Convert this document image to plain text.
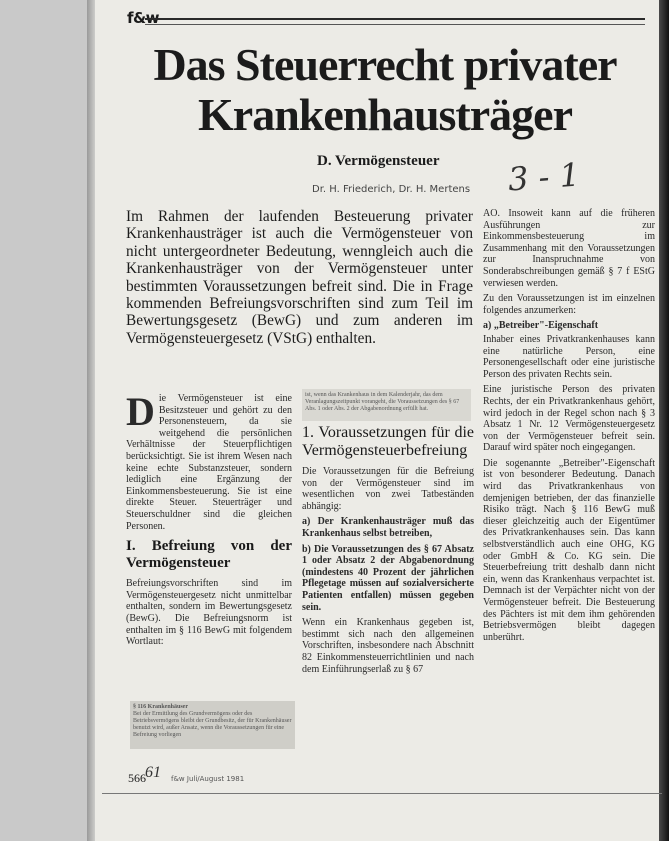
f&w
Das Steuerrecht privater
Krankenhausträger
D. Vermögensteuer 3 - 1
Dr. H. Friederich, Dr. H. Mertens
Im Rahmen der laufenden Besteuerung privater Krankenhausträger ist auch die Vermögensteuer von nicht untergeordneter Bedeutung, wenngleich auch die Krankenhausträger von der Vermögensteuer unter bestimmten Voraussetzungen befreit sind. Die in Frage kommenden Befreiungsvorschriften sind zum Teil im Bewertungsgesetz (BewG) und zum anderen im Vermögensteuergesetz (VStG) enthalten.
D ie Vermögensteuer ist eine Besitzsteuer und gehört zu den Personensteuern, da sie weitgehend die persönlichen Verhältnisse der Steuerpflichtigen berücksichtigt. Sie ist ihrem Wesen nach keine echte Substanzsteuer, sondern lediglich eine Ergänzung der Einkommensbesteuerung. Sie ist eine direkte Steuer. Steuerträger und Steuerschuldner sind die gleichen Personen.

I. Befreiung von der Vermögensteuer

Befreiungsvorschriften sind im Vermögensteuergesetz nicht unmittelbar enthalten, sondern im Bewertungsgesetz (BewG). Die Befreiungsnorm ist enthalten im § 116 BewG mit folgendem Wortlaut:

§ 116 Krankenhäuser
Bei der Ermittlung des Grundvermögens oder des Betriebsvermögens bleibt der Grundbesitz, der für Krankenhäuser benutzt wird, außer Ansatz, wenn die Voraussetzungen für eine Befreiung vorliegen
ist, wenn das Krankenhaus in dem Kalenderjahr, das dem Veranlagungszeitpunkt vorangeht, die Voraussetzungen des § 67 Abs. 1 oder Abs. 2 der Abgabenordnung erfüllt hat.
1. Voraussetzungen für die Vermögensteuerbefreiung

Die Voraussetzungen für die Befreiung von der Vermögensteuer sind im wesentlichen von zwei Tatbeständen abhängig:

a) Der Krankenhausträger muß das Krankenhaus selbst betreiben,

b) Die Voraussetzungen des § 67 Absatz 1 oder Absatz 2 der Abgabenordnung (mindestens 40 Prozent der jährlichen Pflegetage müssen auf sozialversicherte Patienten entfallen) müssen gegeben sein.

Wenn ein Krankenhaus gegeben ist, bestimmt sich nach den allgemeinen Vorschriften, insbesondere nach Abschnitt 82 Einkommensteuerrichtlinien und nach dem Einführungserlaß zu § 67

AO. Insoweit kann auf die früheren Ausführungen zur Einkommensbesteuerung im Zusammenhang mit den Voraussetzungen zur Inanspruchnahme von Sonderabschreibungen gemäß § 7 f EStG verwiesen werden.

Zu den Voraussetzungen ist im einzelnen folgendes anzumerken:

a) „Betreiber"-Eigenschaft

Inhaber eines Privatkrankenhauses kann eine natürliche Person, eine Personengesellschaft oder eine juristische Person des privaten Rechts sein.

Eine juristische Person des privaten Rechts, der ein Privatkrankenhaus gehört, wird jedoch in der Regel schon nach § 3 Absatz 1 Nr. 12 Vermögensteuergesetz von der Vermögensteuer befreit sein. Darauf wird später noch eingegangen.

Die sogenannte „Betreiber"-Eigenschaft ist von besonderer Bedeutung. Danach wird das Privatkrankenhaus von demjenigen betrieben, der das finanzielle Risiko trägt. Nach § 116 BewG muß dieser gleichzeitig auch der Eigentümer des Privatkrankenhauses sein. Das kann selbstverständlich auch eine OHG, KG oder GmbH & Co. KG sein. Die Steuerbefreiung tritt deshalb dann nicht ein, wenn das Krankenhaus verpachtet ist. Demnach ist der Verpächter nicht von der Vermögensteuer befreit. Die Besteuerung des Pächters ist mit dem ihm gehörenden Betriebsvermögen bleibt dagegen unberührt.

566 61 f&w Juli/August 1981
